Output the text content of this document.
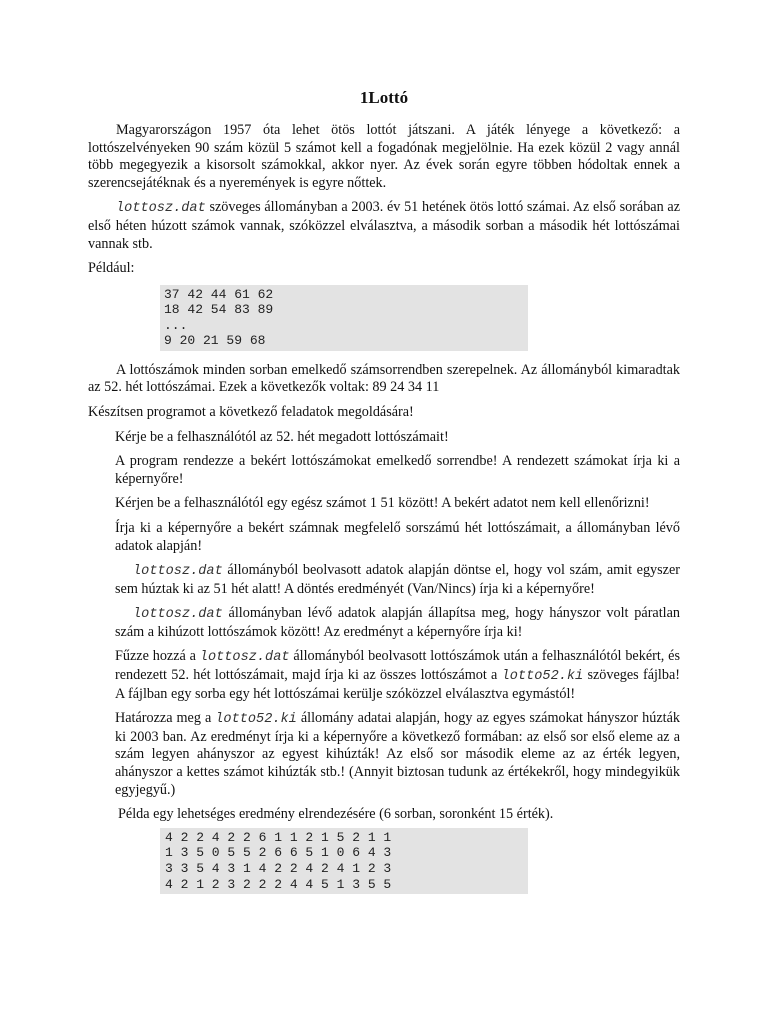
1Lottó

Magyarországon 1957 óta lehet ötös lottót játszani. A játék lényege a következő: a lottószelvényeken 90 szám közül 5 számot kell a fogadónak megjelölnie. Ha ezek közül 2 vagy annál több megegyezik a kisorsolt számokkal, akkor nyer. Az évek során egyre többen hódoltak ennek a szerencsejátéknak és a nyeremények is egyre nőttek.

lottosz.dat szöveges állományban a 2003. év 51 hetének ötös lottó számai. Az első sorában az első héten húzott számok vannak, szóközzel elválasztva, a második sorban a második hét lottószámai vannak stb.

Például:

37 42 44 61 62
18 42 54 83 89
...
9 20 21 59 68

A lottószámok minden sorban emelkedő számsorrendben szerepelnek. Az állományból kimaradtak az 52. hét lottószámai. Ezek a következők voltak: 89 24 34 11

Készítsen programot a következő feladatok megoldására!

Kérje be a felhasználótól az 52. hét megadott lottószámait!

A program rendezze a bekért lottószámokat emelkedő sorrendbe! A rendezett számokat írja ki a képernyőre!

Kérjen be a felhasználótól egy egész számot 1 51 között! A bekért adatot nem kell ellenőrizni!

Írja ki a képernyőre a bekért számnak megfelelő sorszámú hét lottószámait, a állományban lévő adatok alapján!

lottosz.dat állományból beolvasott adatok alapján döntse el, hogy vol szám, amit egyszer sem húztak ki az 51 hét alatt! A döntés eredményét (Van/Nincs) írja ki a képernyőre!

lottosz.dat állományban lévő adatok alapján állapítsa meg, hogy hányszor volt páratlan szám a kihúzott lottószámok között! Az eredményt a képernyőre írja ki!

Fűzze hozzá a lottosz.dat állományból beolvasott lottószámok után a felhasználótól bekért, és rendezett 52. hét lottószámait, majd írja ki az összes lottószámot a lotto52.ki szöveges fájlba! A fájlban egy sorba egy hét lottószámai kerülje szóközzel elválasztva egymástól!

Határozza meg a lotto52.ki állomány adatai alapján, hogy az egyes számokat hányszor húzták ki 2003 ban. Az eredményt írja ki a képernyőre a következő formában: az első sor első eleme az a szám legyen ahányszor az egyest kihúzták! Az első sor második eleme az az érték legyen, ahányszor a kettes számot kihúzták stb.! (Annyit biztosan tudunk az értékekről, hogy mindegyikük egyjegyű.)

Példa egy lehetséges eredmény elrendezésére (6 sorban, soronként 15 érték).

4 2 2 4 2 2 6 1 1 2 1 5 2 1 1
1 3 5 0 5 5 2 6 6 5 1 0 6 4 3
3 3 5 4 3 1 4 2 2 4 2 4 1 2 3
4 2 1 2 3 2 2 2 4 4 5 1 3 5 5
